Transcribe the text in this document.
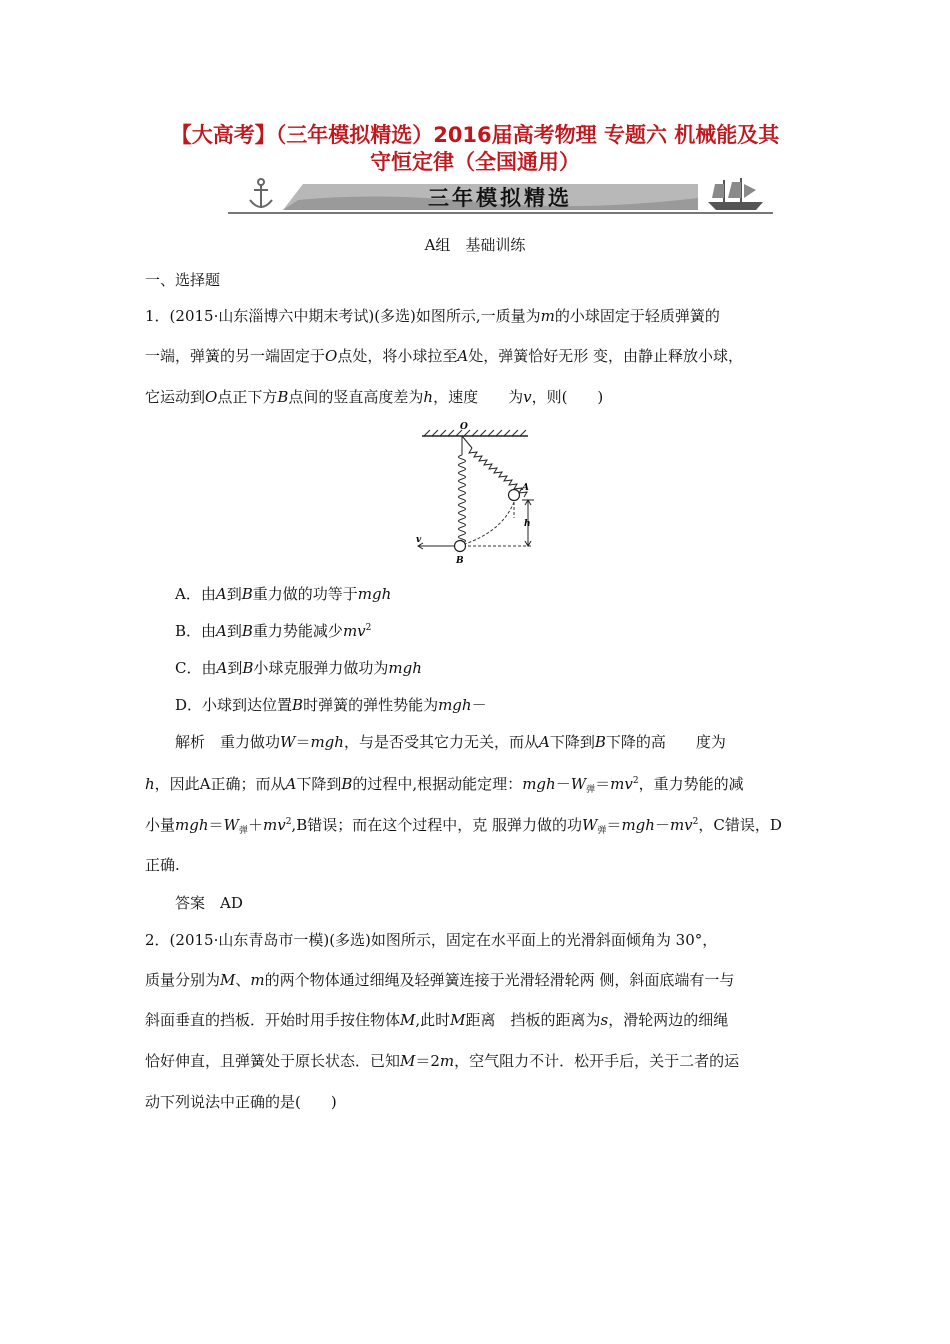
【大高考】（三年模拟精选）2016届高考物理 专题六 机械能及其
守恒定律（全国通用）
三年模拟精选
A组　基础训练
一、选择题
1．(2015·山东淄博六中期末考试)(多选)如图所示,一质量为m的小球固定于轻质弹簧的
一端，弹簧的另一端固定于O点处，将小球拉至A处，弹簧恰好无形 变，由静止释放小球，
它运动到O点正下方B点间的竖直高度差为h，速度　　为v，则(　　)
O
A
h
v
B
A．由A到B重力做的功等于mgh
B．由A到B重力势能减少$mv^2$
C．由A到B小球克服弹力做功为mgh
D．小球到达位置B时弹簧的弹性势能为mgh－
解析　重力做功W＝mgh，与是否受其它力无关，而从A下降到B下降的高　　度为
h，因此A正确；而从A下降到B的过程中,根据动能定理：$mgh-W_弹=mv^2$，重力势能的减
小量$mgh=W_弹+mv^2,B$错误；而在这个过程中，克 服弹力做的功$W_弹=mgh-mv^2$，C错误，D
正确.
答案　AD
2．(2015·山东青岛市一模)(多选)如图所示，固定在水平面上的光滑斜面倾角为 30°，
质量分别为M、m的两个物体通过细绳及轻弹簧连接于光滑轻滑轮两 侧，斜面底端有一与
斜面垂直的挡板．开始时用手按住物体M,此时M距离　挡板的距离为s，滑轮两边的细绳
恰好伸直，且弹簧处于原长状态．已知M＝2m，空气阻力不计．松开手后，关于二者的运
动下列说法中正确的是(　　)
